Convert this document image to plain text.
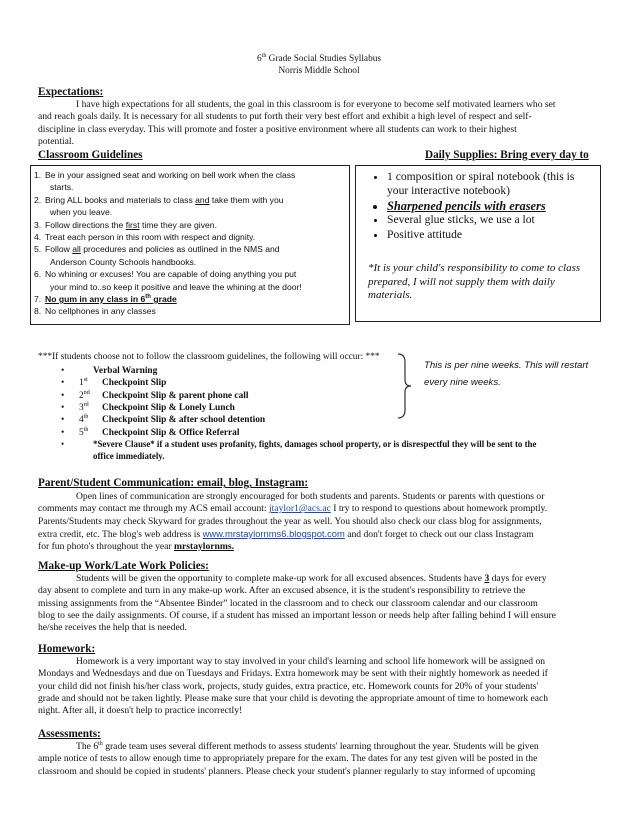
6th Grade Social Studies Syllabus
Norris Middle School
Expectations:
I have high expectations for all students, the goal in this classroom is for everyone to become self motivated learners who set
and reach goals daily. It is necessary for all students to put forth their very best effort and exhibit a high level of respect and self-
discipline in class everyday. This will promote and foster a positive environment where all students can work to their highest
potential.
Classroom Guidelines	Daily Supplies: Bring every day to
1. Be in your assigned seat and working on bell work when the class
starts.
2. Bring ALL books and materials to class and take them with you
when you leave.
3. Follow directions the first time they are given.
4. Treat each person in this room with respect and dignity.
5. Follow all procedures and policies as outlined in the NMS and
Anderson County Schools handbooks.
6. No whining or excuses! You are capable of doing anything you put
your mind to..so keep it positive and leave the whining at the door!
7. No gum in any class in 6th grade
8. No cellphones in any classes
• 1 composition or spiral notebook (this is your interactive notebook)
• Sharpened pencils with erasers
• Several glue sticks, we use a lot
• Positive attitude
*It is your child's responsibility to come to class prepared, I will not supply them with daily materials.
***If students choose not to follow the classroom guidelines, the following will occur: ***
•	Verbal Warning
• 1st Checkpoint Slip
• 2nd Checkpoint Slip & parent phone call
• 3rd Checkpoint Slip & Lonely Lunch
• 4th Checkpoint Slip & after school detention
• 5th Checkpoint Slip & Office Referral
•	*Severe Clause* if a student uses profanity, fights, damages school property, or is disrespectful they will be sent to the
office immediately.
This is per nine weeks. This will restart
every nine weeks.
Parent/Student Communication: email, blog, Instagram:
Open lines of communication are strongly encouraged for both students and parents. Students or parents with questions or
comments may contact me through my ACS email account: jtaylor1@acs.ac I try to respond to questions about homework promptly.
Parents/Students may check Skyward for grades throughout the year as well. You should also check our class blog for assignments,
extra credit, etc. The blog's web address is www.mrstaylornms6.blogspot.com and don't forget to check out our class Instagram
for fun photo's throughout the year mrstaylornms.
Make-up Work/Late Work Policies:
Students will be given the opportunity to complete make-up work for all excused absences. Students have 3 days for every
day absent to complete and turn in any make-up work. After an excused absence, it is the student's responsibility to retrieve the
missing assignments from the “Absentee Binder” located in the classroom and to check our classroom calendar and our classroom
blog to see the daily assignments. Of course, if a student has missed an important lesson or needs help after falling behind I will ensure
he/she receives the help that is needed.
Homework:
Homework is a very important way to stay involved in your child's learning and school life homework will be assigned on
Mondays and Wednesdays and due on Tuesdays and Fridays. Extra homework may be sent with their nightly homework as needed if
your child did not finish his/her class work, projects, study guides, extra practice, etc. Homework counts for 20% of your students'
grade and should not be taken lightly. Please make sure that your child is devoting the appropriate amount of time to homework each
night. After all, it doesn't help to practice incorrectly!
Assessments:
The 6th grade team uses several different methods to assess students' learning throughout the year. Students will be given
ample notice of tests to allow enough time to appropriately prepare for the exam. The dates for any test given will be posted in the
classroom and should be copied in students' planners. Please check your student's planner regularly to stay informed of upcoming
